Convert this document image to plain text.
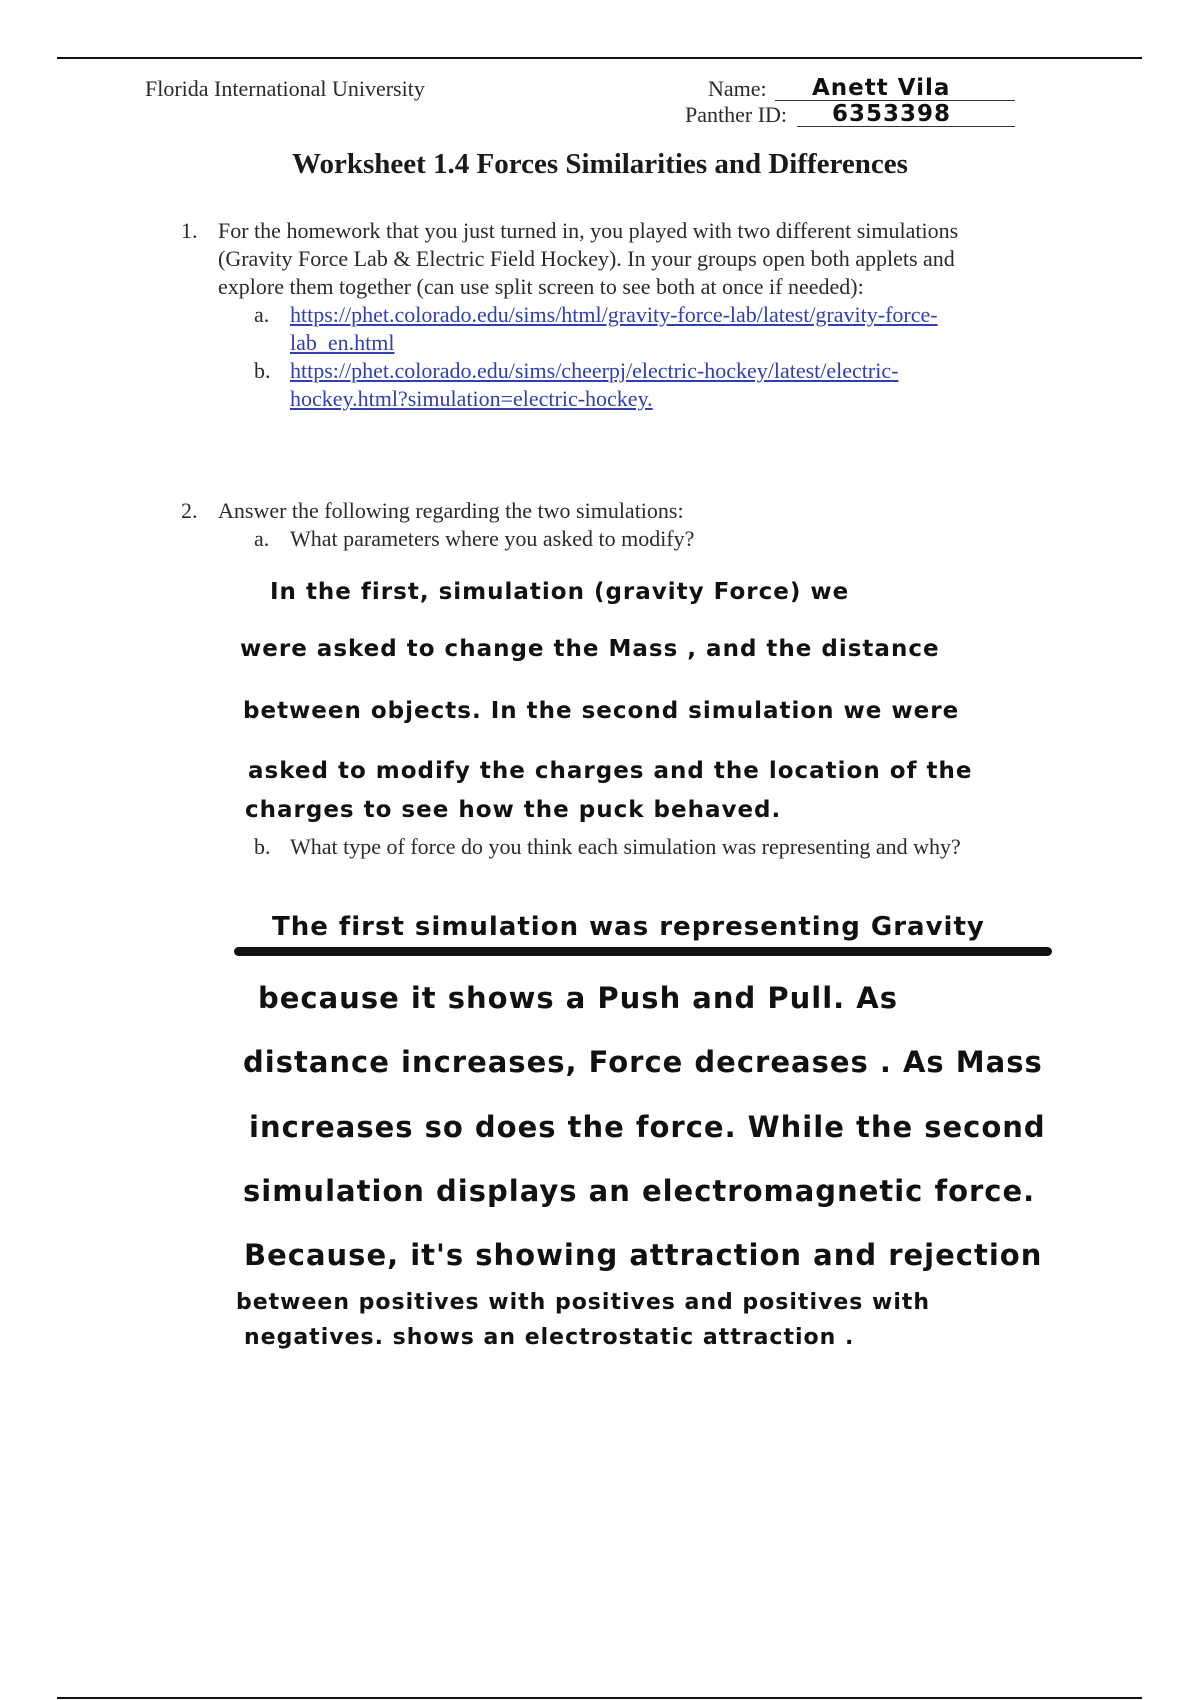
Florida International University	Name: Anett Vila
Panther ID: 6353398
Worksheet 1.4 Forces Similarities and Differences
1. For the homework that you just turned in, you played with two different simulations
(Gravity Force Lab & Electric Field Hockey). In your groups open both applets and
explore them together (can use split screen to see both at once if needed):
a. https://phet.colorado.edu/sims/html/gravity-force-lab/latest/gravity-force-
lab_en.html
b. https://phet.colorado.edu/sims/cheerpj/electric-hockey/latest/electric-
hockey.html?simulation=electric-hockey.
2. Answer the following regarding the two simulations:
a. What parameters where you asked to modify?
In the first, simulation (gravity Force) we
were asked to change the Mass , and the distance
between objects. In the second simulation we were
asked to modify the charges and the location of the
charges to see how the puck behaved.
b. What type of force do you think each simulation was representing and why?
The first simulation was representing Gravity
because it shows a Push and Pull. As
distance increases, Force decreases . As Mass
increases so does the force. While the second
simulation displays an electromagnetic force.
Because, it's showing attraction and rejection
between positives with positives and positives with
negatives. shows an electrostatic attraction .
